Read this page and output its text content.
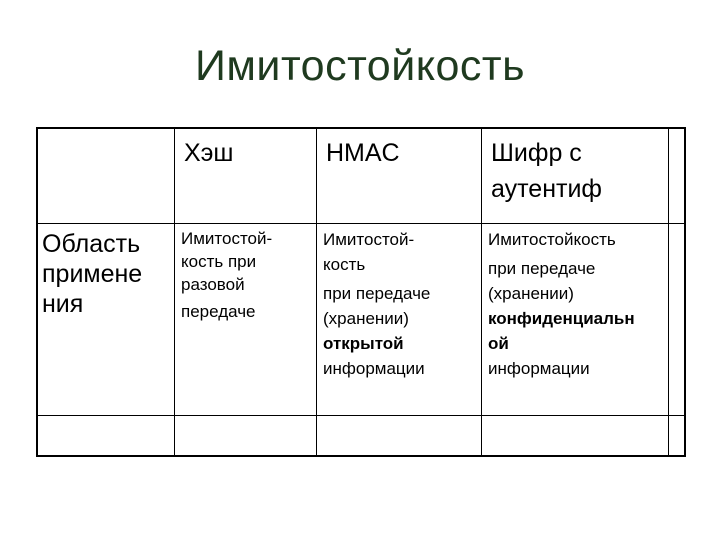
Имитостойкость
Хэш	HMAC	Шифр с
аутентиф
Область
примене
ния
Имитостой-
кость при
разовой
передаче
Имитостой-
кость
при передаче
(хранении)
открытой
информации
Имитостойкость
при передаче
(хранении)
конфиденциальн
ой
информации
